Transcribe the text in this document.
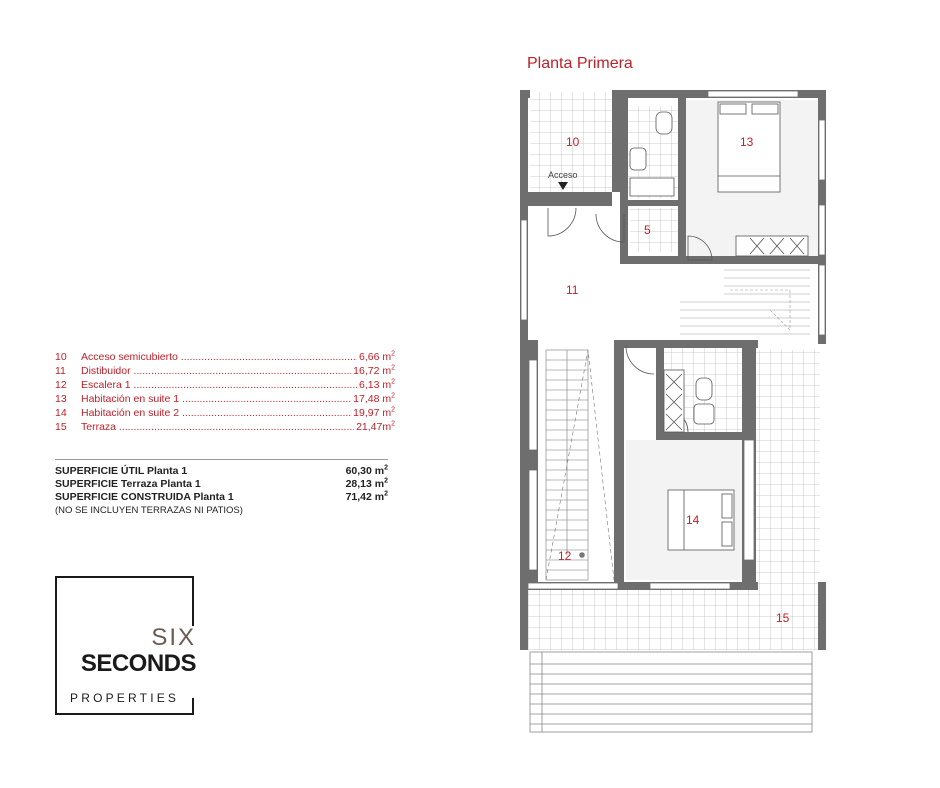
Planta Primera
10	Acceso semicubierto .....	6,66 $m^2$
11	Distibuidor .....	16,72 $m^2$
12	Escalera 1 .....	6,13 $m^2$
13	Habitación en suite 1 .....	17,48 $m^2$
14	Habitación en suite 2 .....	19,97 $m^2$
15	Terraza .....	$21,47m^2$
SUPERFICIE ÚTIL Planta 1	60,30 $m^2$
SUPERFICIE Terraza Planta 1	28,13 $m^2$
SUPERFICIE CONSTRUIDA Planta 1	71,42 $m^2$
(NO SE INCLUYEN TERRAZAS NI PATIOS)
SIX
SECONDS
PROPERTIES
10
Acceso
13
5
11
14
12
15
